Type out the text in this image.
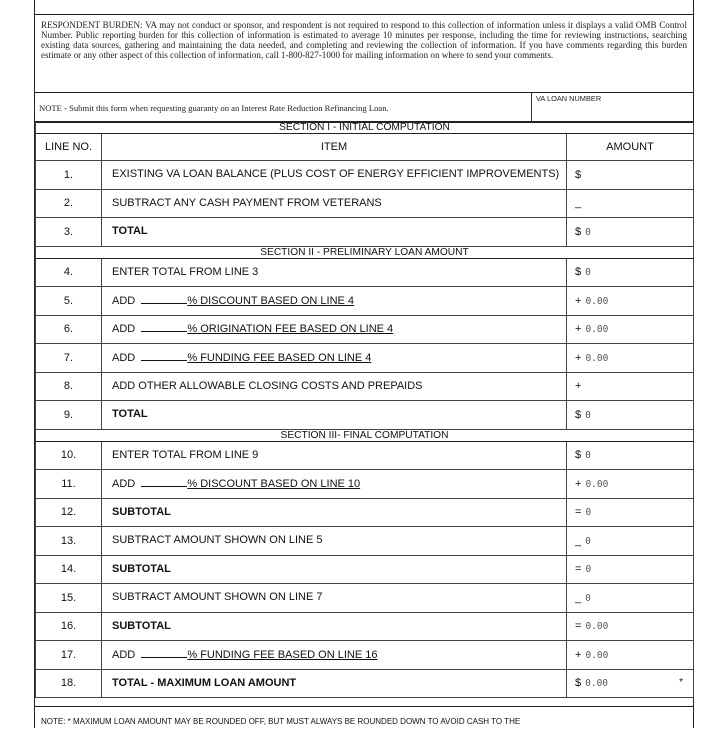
RESPONDENT BURDEN: VA may not conduct or sponsor, and respondent is not required to respond to this collection of information unless it displays a valid OMB Control Number. Public reporting burden for this collection of information is estimated to average 10 minutes per response, including the time for reviewing instructions, searching existing data sources, gathering and maintaining the data needed, and completing and reviewing the collection of information. If you have comments regarding this burden estimate or any other aspect of this collection of information, call 1-800-827-1000 for mailing information on where to send your comments.
NOTE - Submit this form when requesting guaranty on an Interest Rate Reduction Refinancing Loan.
VA LOAN NUMBER
SECTION I - INITIAL COMPUTATION		
LINE NO.	ITEM	AMOUNT
1.	EXISTING VA LOAN BALANCE (PLUS COST OF ENERGY EFFICIENT IMPROVEMENTS)	$
2.	SUBTRACT ANY CASH PAYMENT FROM VETERANS	_
3.	TOTAL	$ 0
SECTION II - PRELIMINARY LOAN AMOUNT		
4.	ENTER TOTAL FROM LINE 3	$ 0
5.	ADD % DISCOUNT BASED ON LINE 4	+ 0.00
6.	ADD % ORIGINATION FEE BASED ON LINE 4	+ 0.00
7.	ADD % FUNDING FEE BASED ON LINE 4	+ 0.00
8.	ADD OTHER ALLOWABLE CLOSING COSTS AND PREPAIDS	+
9.	TOTAL	$ 0
SECTION III- FINAL COMPUTATION		
10.	ENTER TOTAL FROM LINE 9	$ 0
11.	ADD % DISCOUNT BASED ON LINE 10	+ 0.00
12.	SUBTOTAL	= 0
13.	SUBTRACT AMOUNT SHOWN ON LINE 5	_ 0
14.	SUBTOTAL	= 0
15.	SUBTRACT AMOUNT SHOWN ON LINE 7	_ 0
16.	SUBTOTAL	= 0.00
17.	ADD % FUNDING FEE BASED ON LINE 16	+ 0.00
18.	TOTAL - MAXIMUM LOAN AMOUNT	$ 0.00 *
NOTE: * MAXIMUM LOAN AMOUNT MAY BE ROUNDED OFF, BUT MUST ALWAYS BE ROUNDED DOWN TO AVOID CASH TO THE
